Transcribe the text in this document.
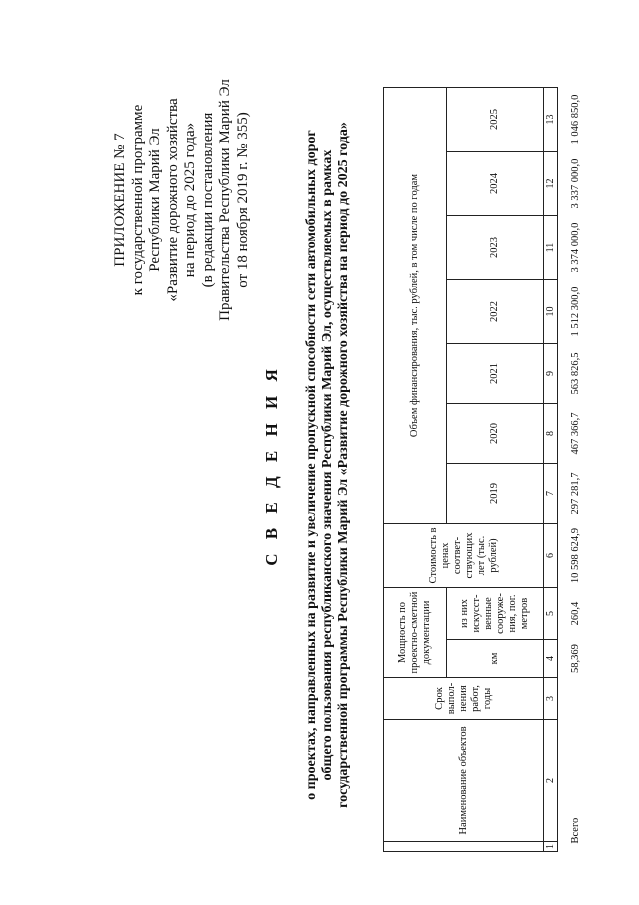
ПРИЛОЖЕНИЕ № 7 к государственной программе Республики Марий Эл «Развитие дорожного хозяйства на период до 2025 года» (в редакции постановления Правительства Республики Марий Эл от 18 ноября 2019 г. № 355)
С В Е Д Е Н И Я о проектах, направленных на развитие и увеличение пропускной способности сети автомобильных дорог общего пользования республиканского значения Республики Марий Эл, осуществляемых в рамках государственной программы Республики Марий Эл «Развитие дорожного хозяйства на период до 2025 года»
		Наименование объектов	Срок выпол-нения работ, годы	Мощность по проектно-сметной документации		Стоимость в ценах соответ-ствующих лет (тыс. рублей)	Объем финансирования, тыс. рублей, в том числе по годам						
			км	из них искусст-венные сооруже-ния, пог. метров		2019	2020	2021	2022	2023	2024	2025
1	2	3	4	5	6	7	8	9	10	11	12	13
Всего			58,369	260,4	10 598 624,9	297 281,7	467 366,7	563 826,5	1 512 300,0	3 374 000,0	3 337 000,0	1 046 850,0
